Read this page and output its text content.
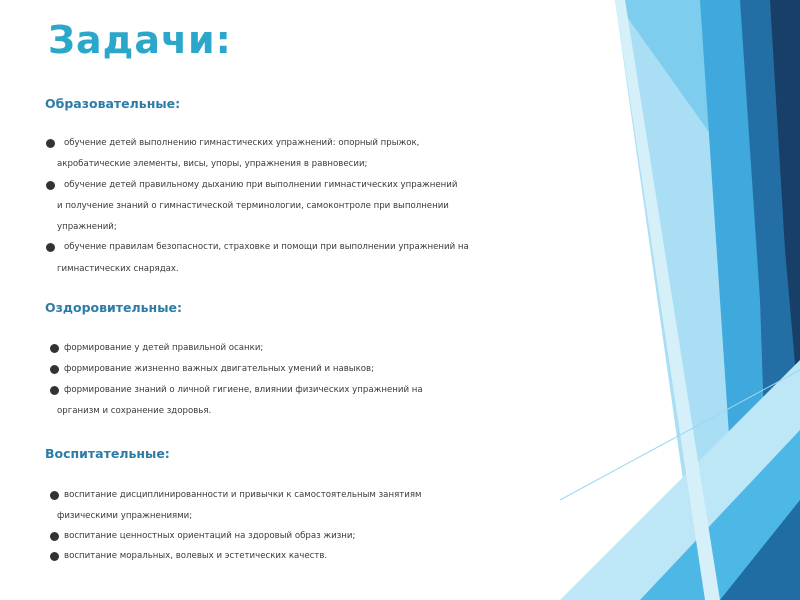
Задачи:
Образовательные:
обучение детей выполнению гимнастических упражнений: опорный прыжок,
акробатические элементы, висы, упоры, упражнения в равновесии;
обучение детей правильному дыханию при выполнении гимнастических упражнений
и получение знаний о гимнастической терминологии, самоконтроле при выполнении
упражнений;
обучение правилам безопасности, страховке и помощи при выполнении упражнений на
гимнастических снарядах.
Оздоровительные:
формирование у детей правильной осанки;
формирование жизненно важных двигательных умений и навыков;
формирование знаний о личной гигиене, влиянии физических упражнений на
организм и сохранение здоровья.
Воспитательные:
воспитание дисциплинированности и привычки к самостоятельным занятиям
физическими упражнениями;
воспитание ценностных ориентаций на здоровый образ жизни;
воспитание моральных, волевых и эстетических качеств.
